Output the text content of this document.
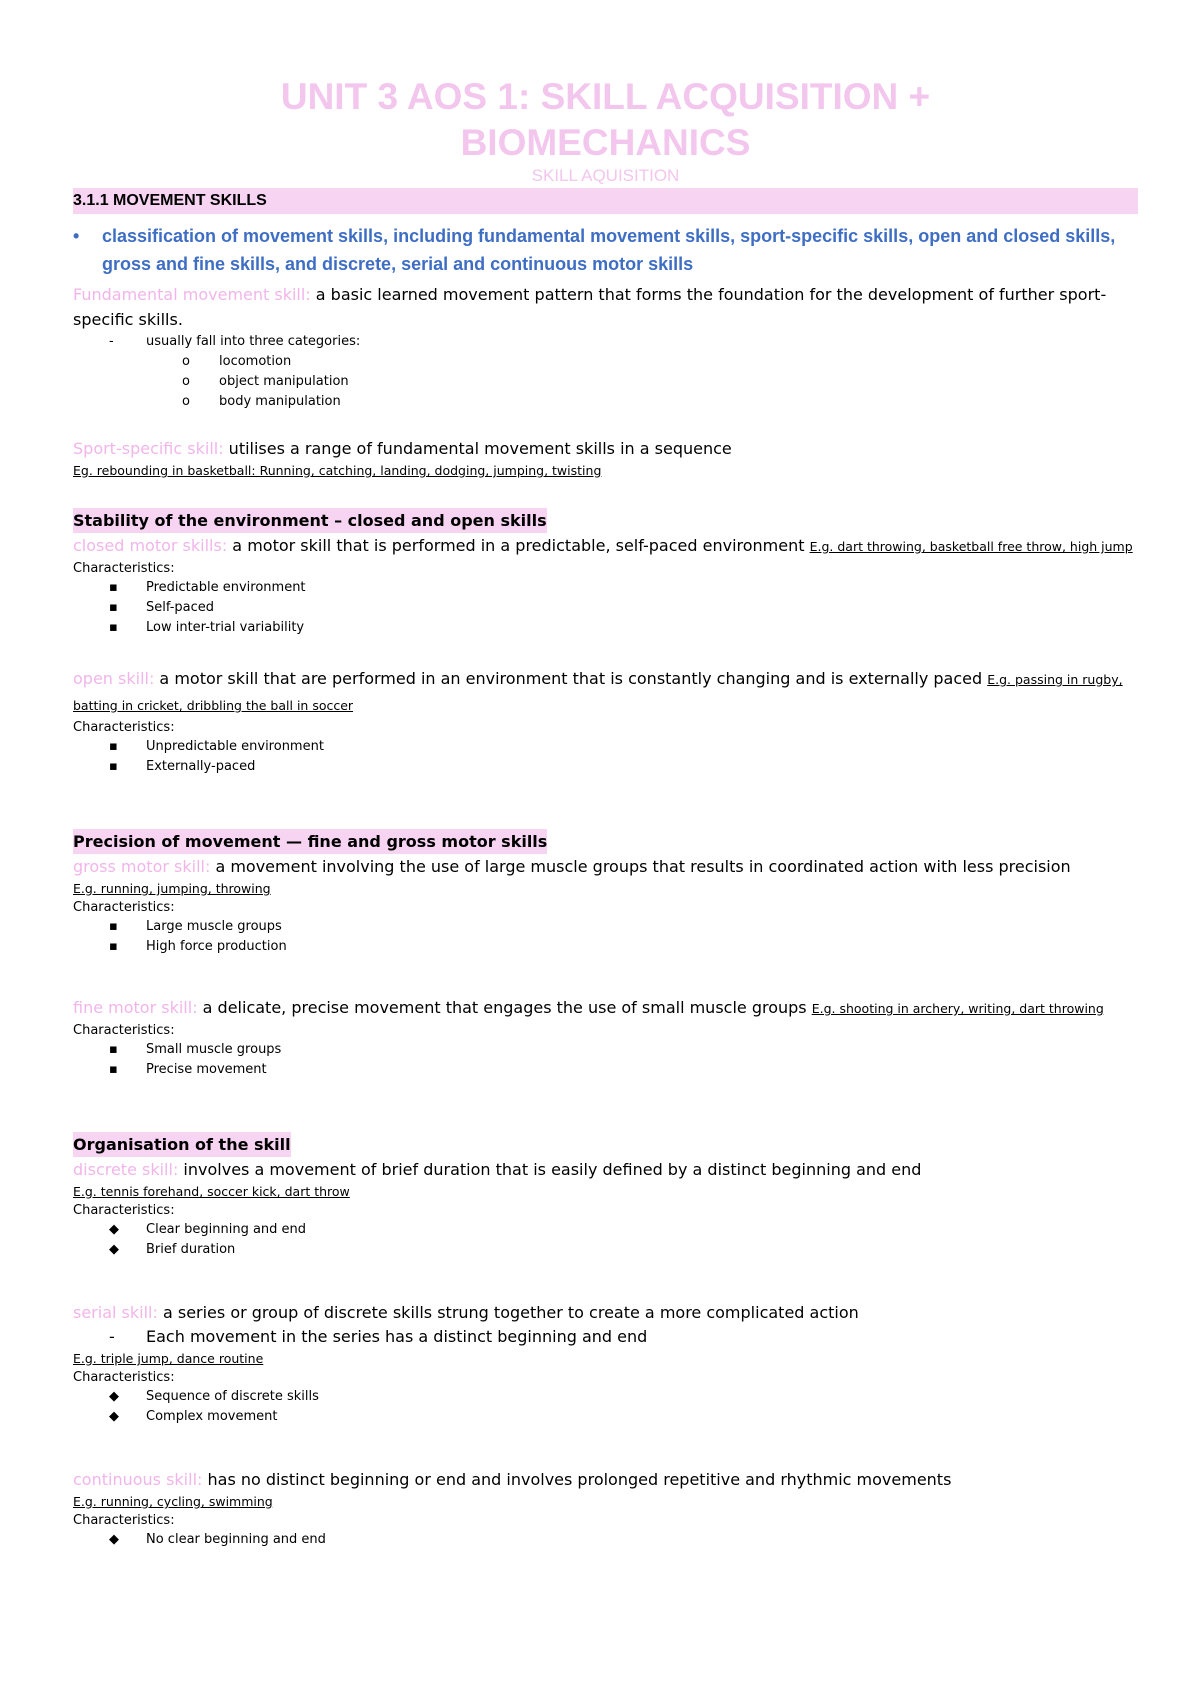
UNIT 3 AOS 1: SKILL ACQUISITION +
BIOMECHANICS
SKILL AQUISITION
3.1.1 MOVEMENT SKILLS
•	classification of movement skills, including fundamental movement skills, sport-specific skills, open and closed skills, gross and fine skills, and discrete, serial and continuous motor skills
Fundamental movement skill: a basic learned movement pattern that forms the foundation for the development of further sport-specific skills.
- usually fall into three categories:
o locomotion
o object manipulation
o body manipulation
Sport-specific skill: utilises a range of fundamental movement skills in a sequence
Eg. rebounding in basketball: Running, catching, landing, dodging, jumping, twisting
Stability of the environment – closed and open skills
closed motor skills: a motor skill that is performed in a predictable, self-paced environment E.g. dart throwing, basketball free throw, high jump
Characteristics:
▪ Predictable environment
▪ Self-paced
▪ Low inter-trial variability
open skill: a motor skill that are performed in an environment that is constantly changing and is externally paced E.g. passing in rugby, batting in cricket, dribbling the ball in soccer
Characteristics:
▪ Unpredictable environment
▪ Externally-paced
Precision of movement — fine and gross motor skills
gross motor skill: a movement involving the use of large muscle groups that results in coordinated action with less precision
E.g. running, jumping, throwing
Characteristics:
▪ Large muscle groups
▪ High force production
fine motor skill: a delicate, precise movement that engages the use of small muscle groups E.g. shooting in archery, writing, dart throwing
Characteristics:
▪ Small muscle groups
▪ Precise movement
Organisation of the skill
discrete skill: involves a movement of brief duration that is easily defined by a distinct beginning and end
E.g. tennis forehand, soccer kick, dart throw
Characteristics:
◆ Clear beginning and end
◆ Brief duration
serial skill: a series or group of discrete skills strung together to create a more complicated action
- Each movement in the series has a distinct beginning and end
E.g. triple jump, dance routine
Characteristics:
◆ Sequence of discrete skills
◆ Complex movement
continuous skill: has no distinct beginning or end and involves prolonged repetitive and rhythmic movements
E.g. running, cycling, swimming
Characteristics:
◆ No clear beginning and end
